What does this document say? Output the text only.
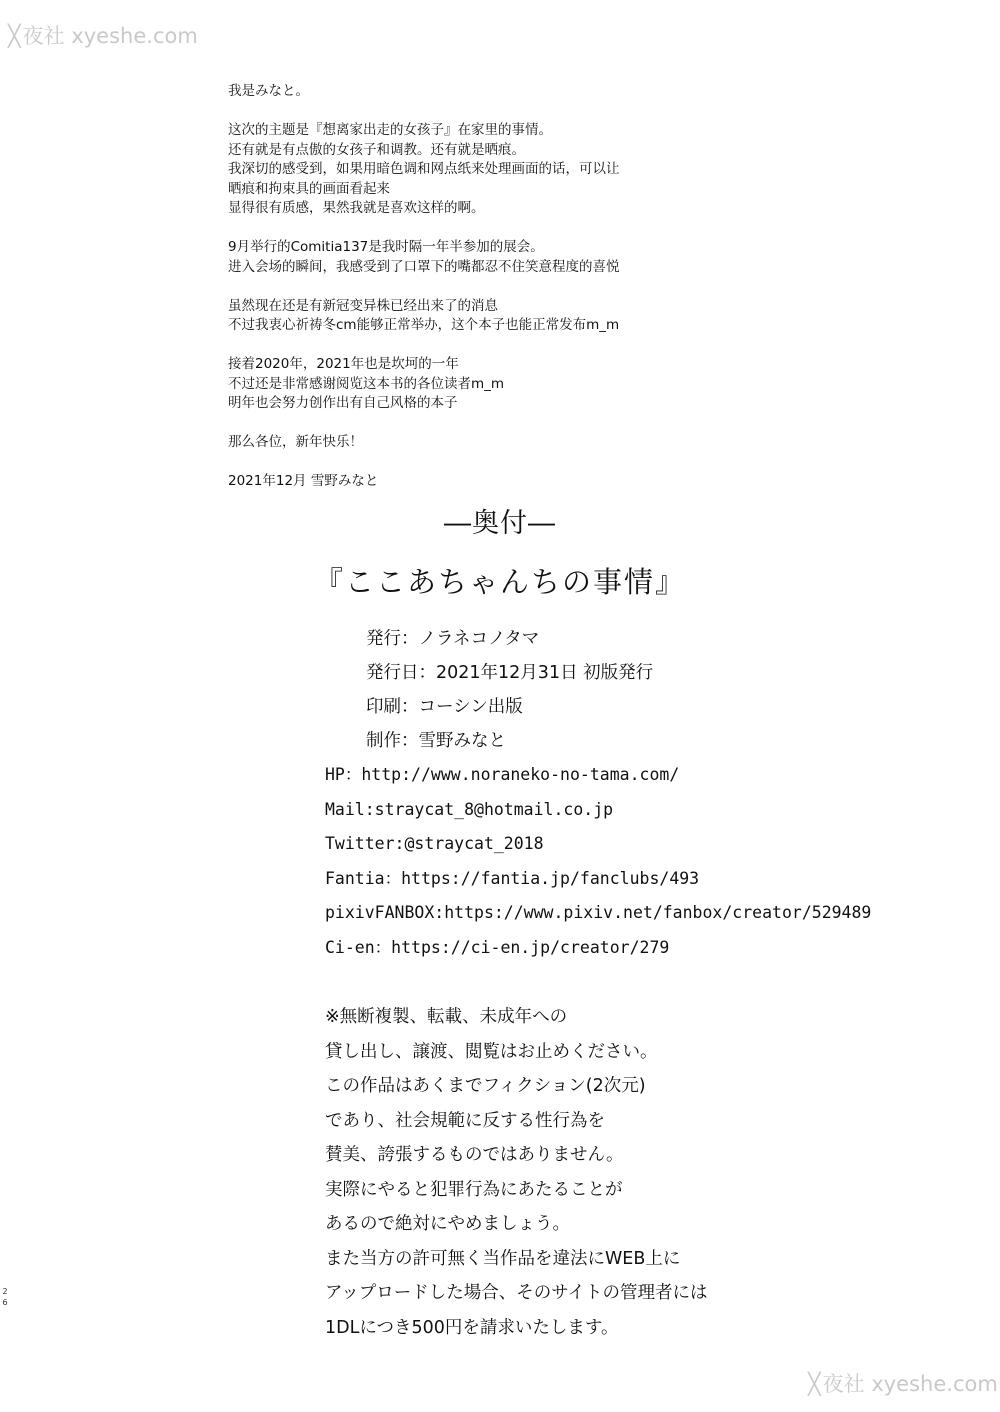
╳夜社 xyeshe.com
╳夜社 xyeshe.com
我是みなと。
这次的主题是『想离家出走的女孩子』在家里的事情。
还有就是有点傲的女孩子和调教。还有就是晒痕。
我深切的感受到，如果用暗色调和网点纸来处理画面的话，可以让
晒痕和拘束具的画面看起来
显得很有质感，果然我就是喜欢这样的啊。
9月举行的Comitia137是我时隔一年半参加的展会。
进入会场的瞬间，我感受到了口罩下的嘴都忍不住笑意程度的喜悦
虽然现在还是有新冠变异株已经出来了的消息
不过我衷心祈祷冬cm能够正常举办，这个本子也能正常发布m_m
接着2020年，2021年也是坎坷的一年
不过还是非常感谢阅览这本书的各位读者m_m
明年也会努力创作出有自己风格的本子
那么各位，新年快乐！
2021年12月 雪野みなと
―奥付―
『ここあちゃんちの事情』
発行：ノラネコノタマ
発行日：2021年12月31日 初版発行
印刷：コーシン出版
制作：雪野みなと
HP：http://www.noraneko-no-tama.com/
Mail:straycat_8@hotmail.co.jp
Twitter:@straycat_2018
Fantia：https://fantia.jp/fanclubs/493
pixivFANBOX:https://www.pixiv.net/fanbox/creator/529489
Ci-en：https://ci-en.jp/creator/279
※無断複製、転載、未成年への
貸し出し、譲渡、閲覧はお止めください。
この作品はあくまでフィクション(2次元)
であり、社会規範に反する性行為を
賛美、誇張するものではありません。
実際にやると犯罪行為にあたることが
あるので絶対にやめましょう。
また当方の許可無く当作品を違法にWEB上に
アップロードした場合、そのサイトの管理者には
1DLにつき500円を請求いたします。
2
6
